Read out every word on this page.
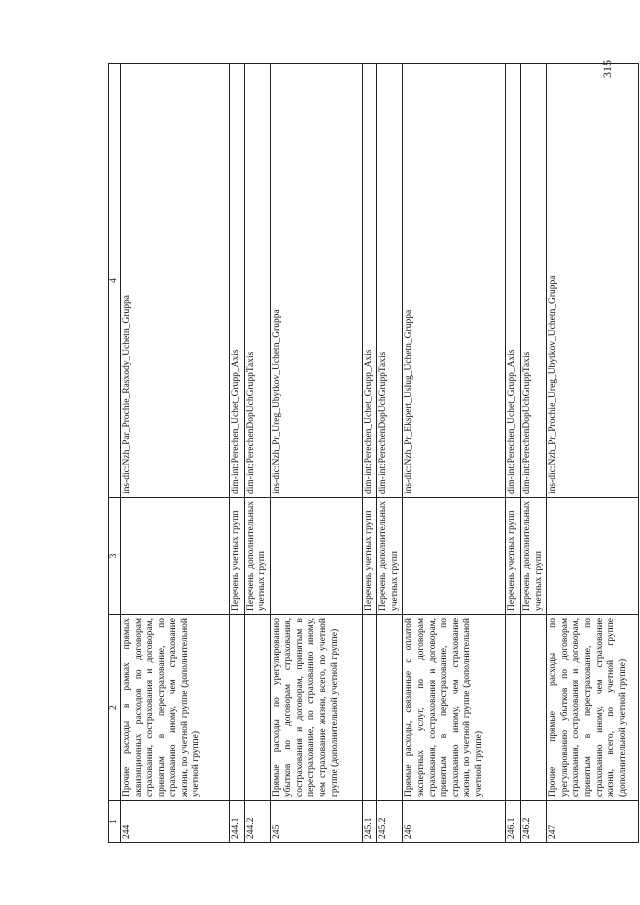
1	2	3	4
244	Прочие расходы в рамках прямых аквизиционных расходов по договорам страхования, сострахования и договорам, принятым в перестрахование, по страхованию иному, чем страхование жизни, по учетной группе (дополнительной учетной группе)		ins-dic:Nzh_Par_Prochie_Rasxody_Uchetn_Gruppa
244.1		Перечень учетных групп	dim-int:Perechen_Uchet_Grupp_Axis
244.2		Перечень дополнительных учетных групп	dim-int:PerechenDopUchGruppTaxis
245	Прямые расходы по урегулированию убытков по договорам страхования, сострахования и договорам, принятым в перестрахование, по страхованию иному, чем страхование жизни, всего, по учетной группе (дополнительной учетной группе)		ins-dic:Nzh_Pr_Ureg_Ubytkov_Uchetn_Gruppa
245.1		Перечень учетных групп	dim-int:Perechen_Uchet_Grupp_Axis
245.2		Перечень дополнительных учетных групп	dim-int:PerechenDopUchGruppTaxis
246	Прямые расходы, связанные с оплатой экспертных услуг, по договорам страхования, сострахования и договорам, принятым в перестрахование, по страхованию иному, чем страхование жизни, по учетной группе (дополнительной учетной группе)		ins-dic:Nzh_Pr_Ekspert_Uslug_Uchetn_Gruppa
246.1		Перечень учетных групп	dim-int:Perechen_Uchet_Grupp_Axis
246.2		Перечень дополнительных учетных групп	dim-int:PerechenDopUchGruppTaxis
247	Прочие прямые расходы по урегулированию убытков по договорам страхования, сострахования и договорам, принятым в перестрахование, по страхованию иному, чем страхование жизни, всего, по учетной группе (дополнительной учетной группе)		ins-dic:Nzh_Pr_Prochie_Ureg_Ubytkov_Uchetn_Gruppa
315
